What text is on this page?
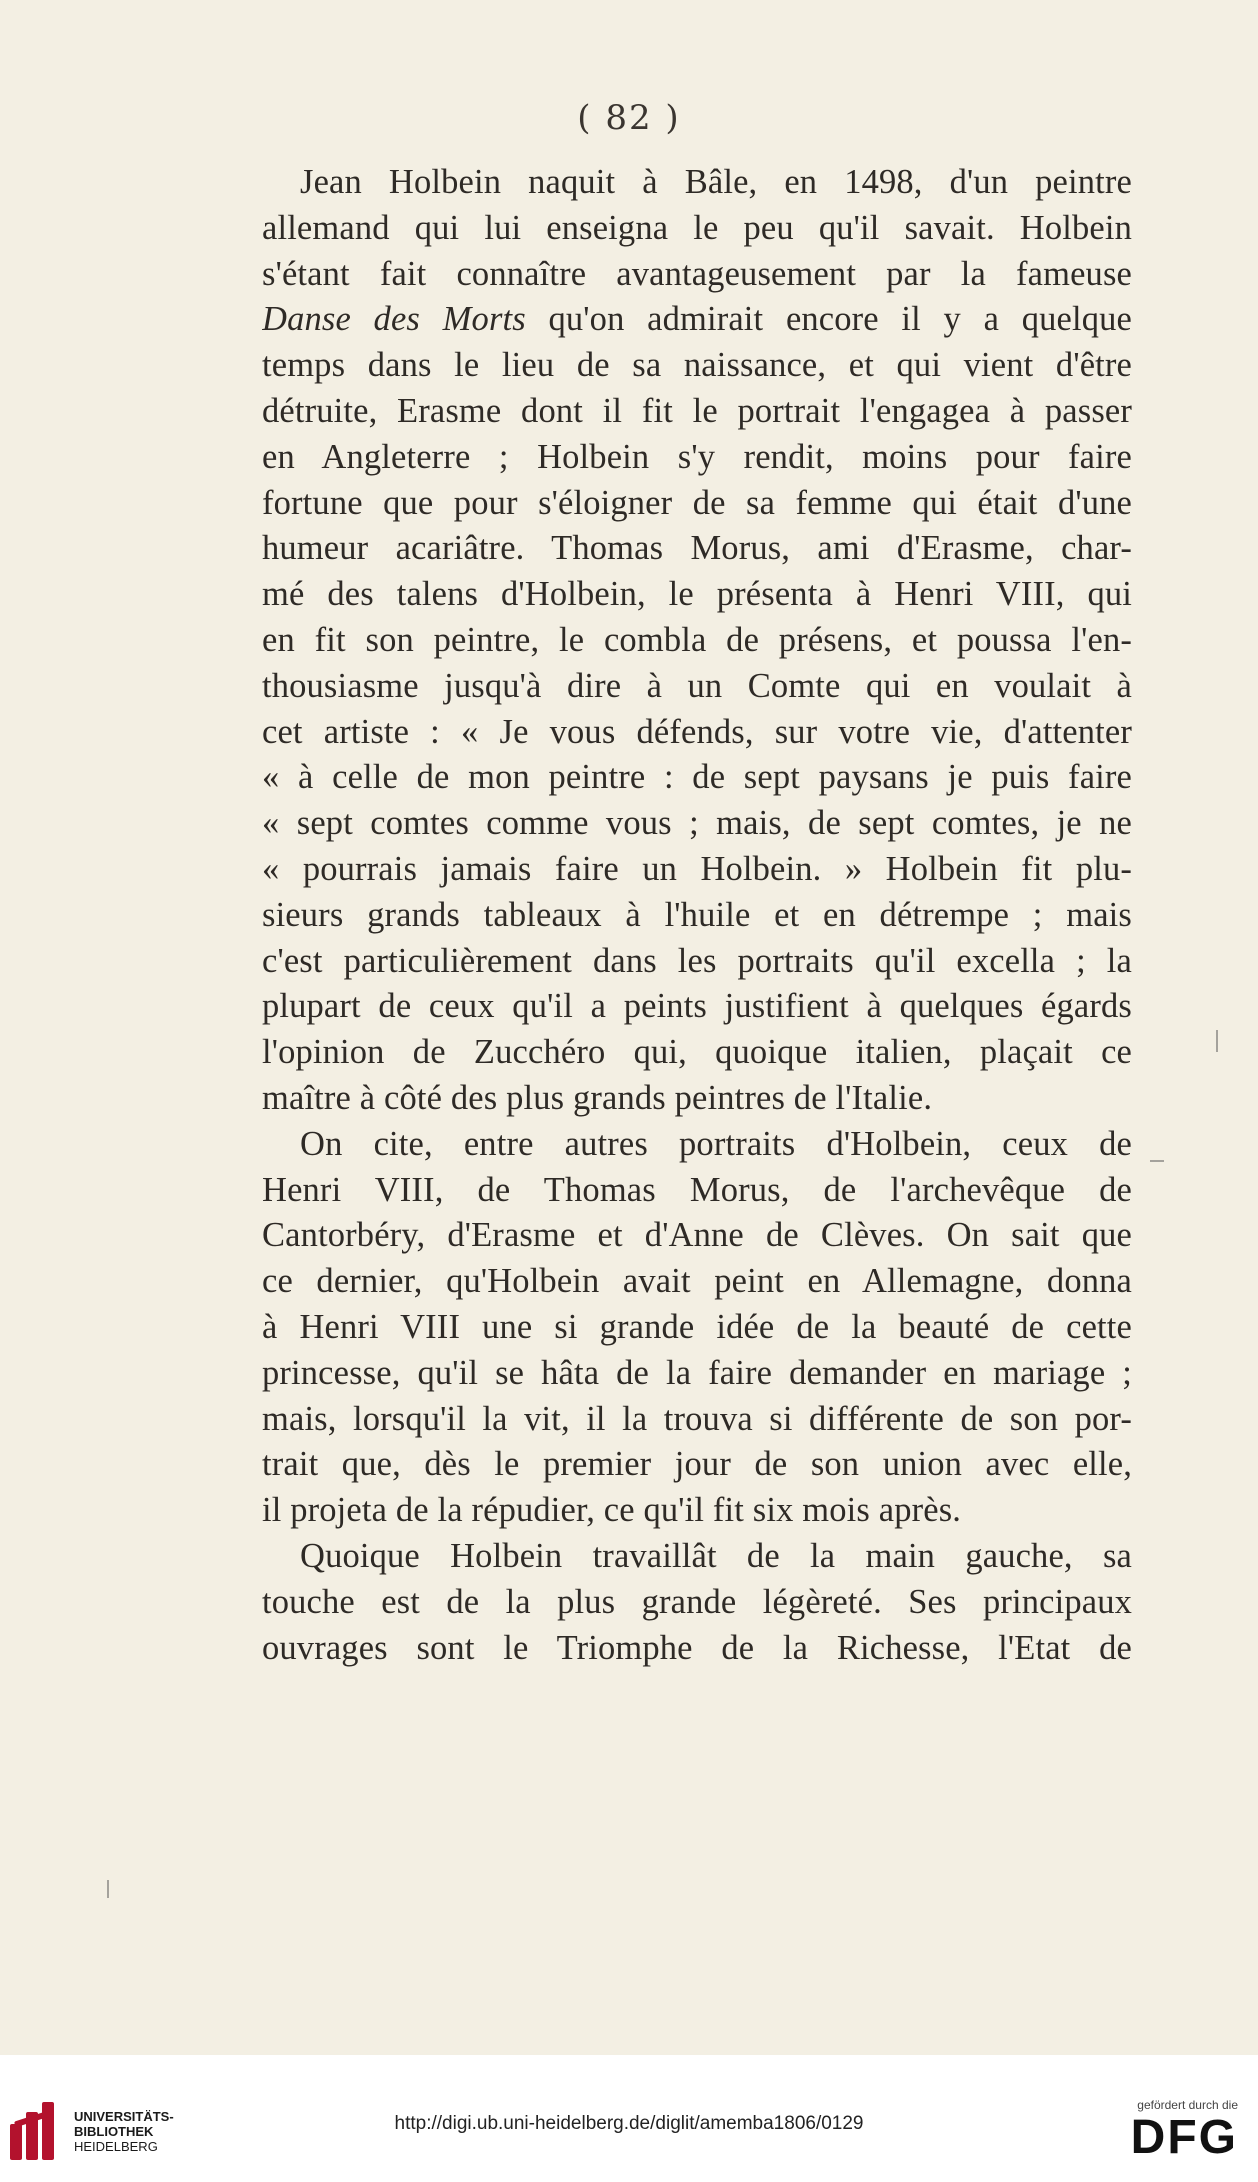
( 82 )
Jean Holbein naquit à Bâle, en 1498, d'un peintre
allemand qui lui enseigna le peu qu'il savait. Holbein
s'étant fait connaître avantageusement par la fameuse
Danse des Morts qu'on admirait encore il y a quelque
temps dans le lieu de sa naissance, et qui vient d'être
détruite, Erasme dont il fit le portrait l'engagea à passer
en Angleterre ; Holbein s'y rendit, moins pour faire
fortune que pour s'éloigner de sa femme qui était d'une
humeur acariâtre. Thomas Morus, ami d'Erasme, char-
mé des talens d'Holbein, le présenta à Henri VIII, qui
en fit son peintre, le combla de présens, et poussa l'en-
thousiasme jusqu'à dire à un Comte qui en voulait à
cet artiste : « Je vous défends, sur votre vie, d'attenter
« à celle de mon peintre : de sept paysans je puis faire
« sept comtes comme vous ; mais, de sept comtes, je ne
« pourrais jamais faire un Holbein. » Holbein fit plu-
sieurs grands tableaux à l'huile et en détrempe ; mais
c'est particulièrement dans les portraits qu'il excella ; la
plupart de ceux qu'il a peints justifient à quelques égards
l'opinion de Zucchéro qui, quoique italien, plaçait ce
maître à côté des plus grands peintres de l'Italie.
On cite, entre autres portraits d'Holbein, ceux de
Henri VIII, de Thomas Morus, de l'archevêque de
Cantorbéry, d'Erasme et d'Anne de Clèves. On sait que
ce dernier, qu'Holbein avait peint en Allemagne, donna
à Henri VIII une si grande idée de la beauté de cette
princesse, qu'il se hâta de la faire demander en mariage ;
mais, lorsqu'il la vit, il la trouva si différente de son por-
trait que, dès le premier jour de son union avec elle,
il projeta de la répudier, ce qu'il fit six mois après.
Quoique Holbein travaillât de la main gauche, sa
touche est de la plus grande légèreté. Ses principaux
ouvrages sont le Triomphe de la Richesse, l'Etat de
UNIVERSITÄTS-
BIBLIOTHEK
HEIDELBERG
http://digi.ub.uni-heidelberg.de/diglit/amemba1806/0129
gefördert durch die
DFG
